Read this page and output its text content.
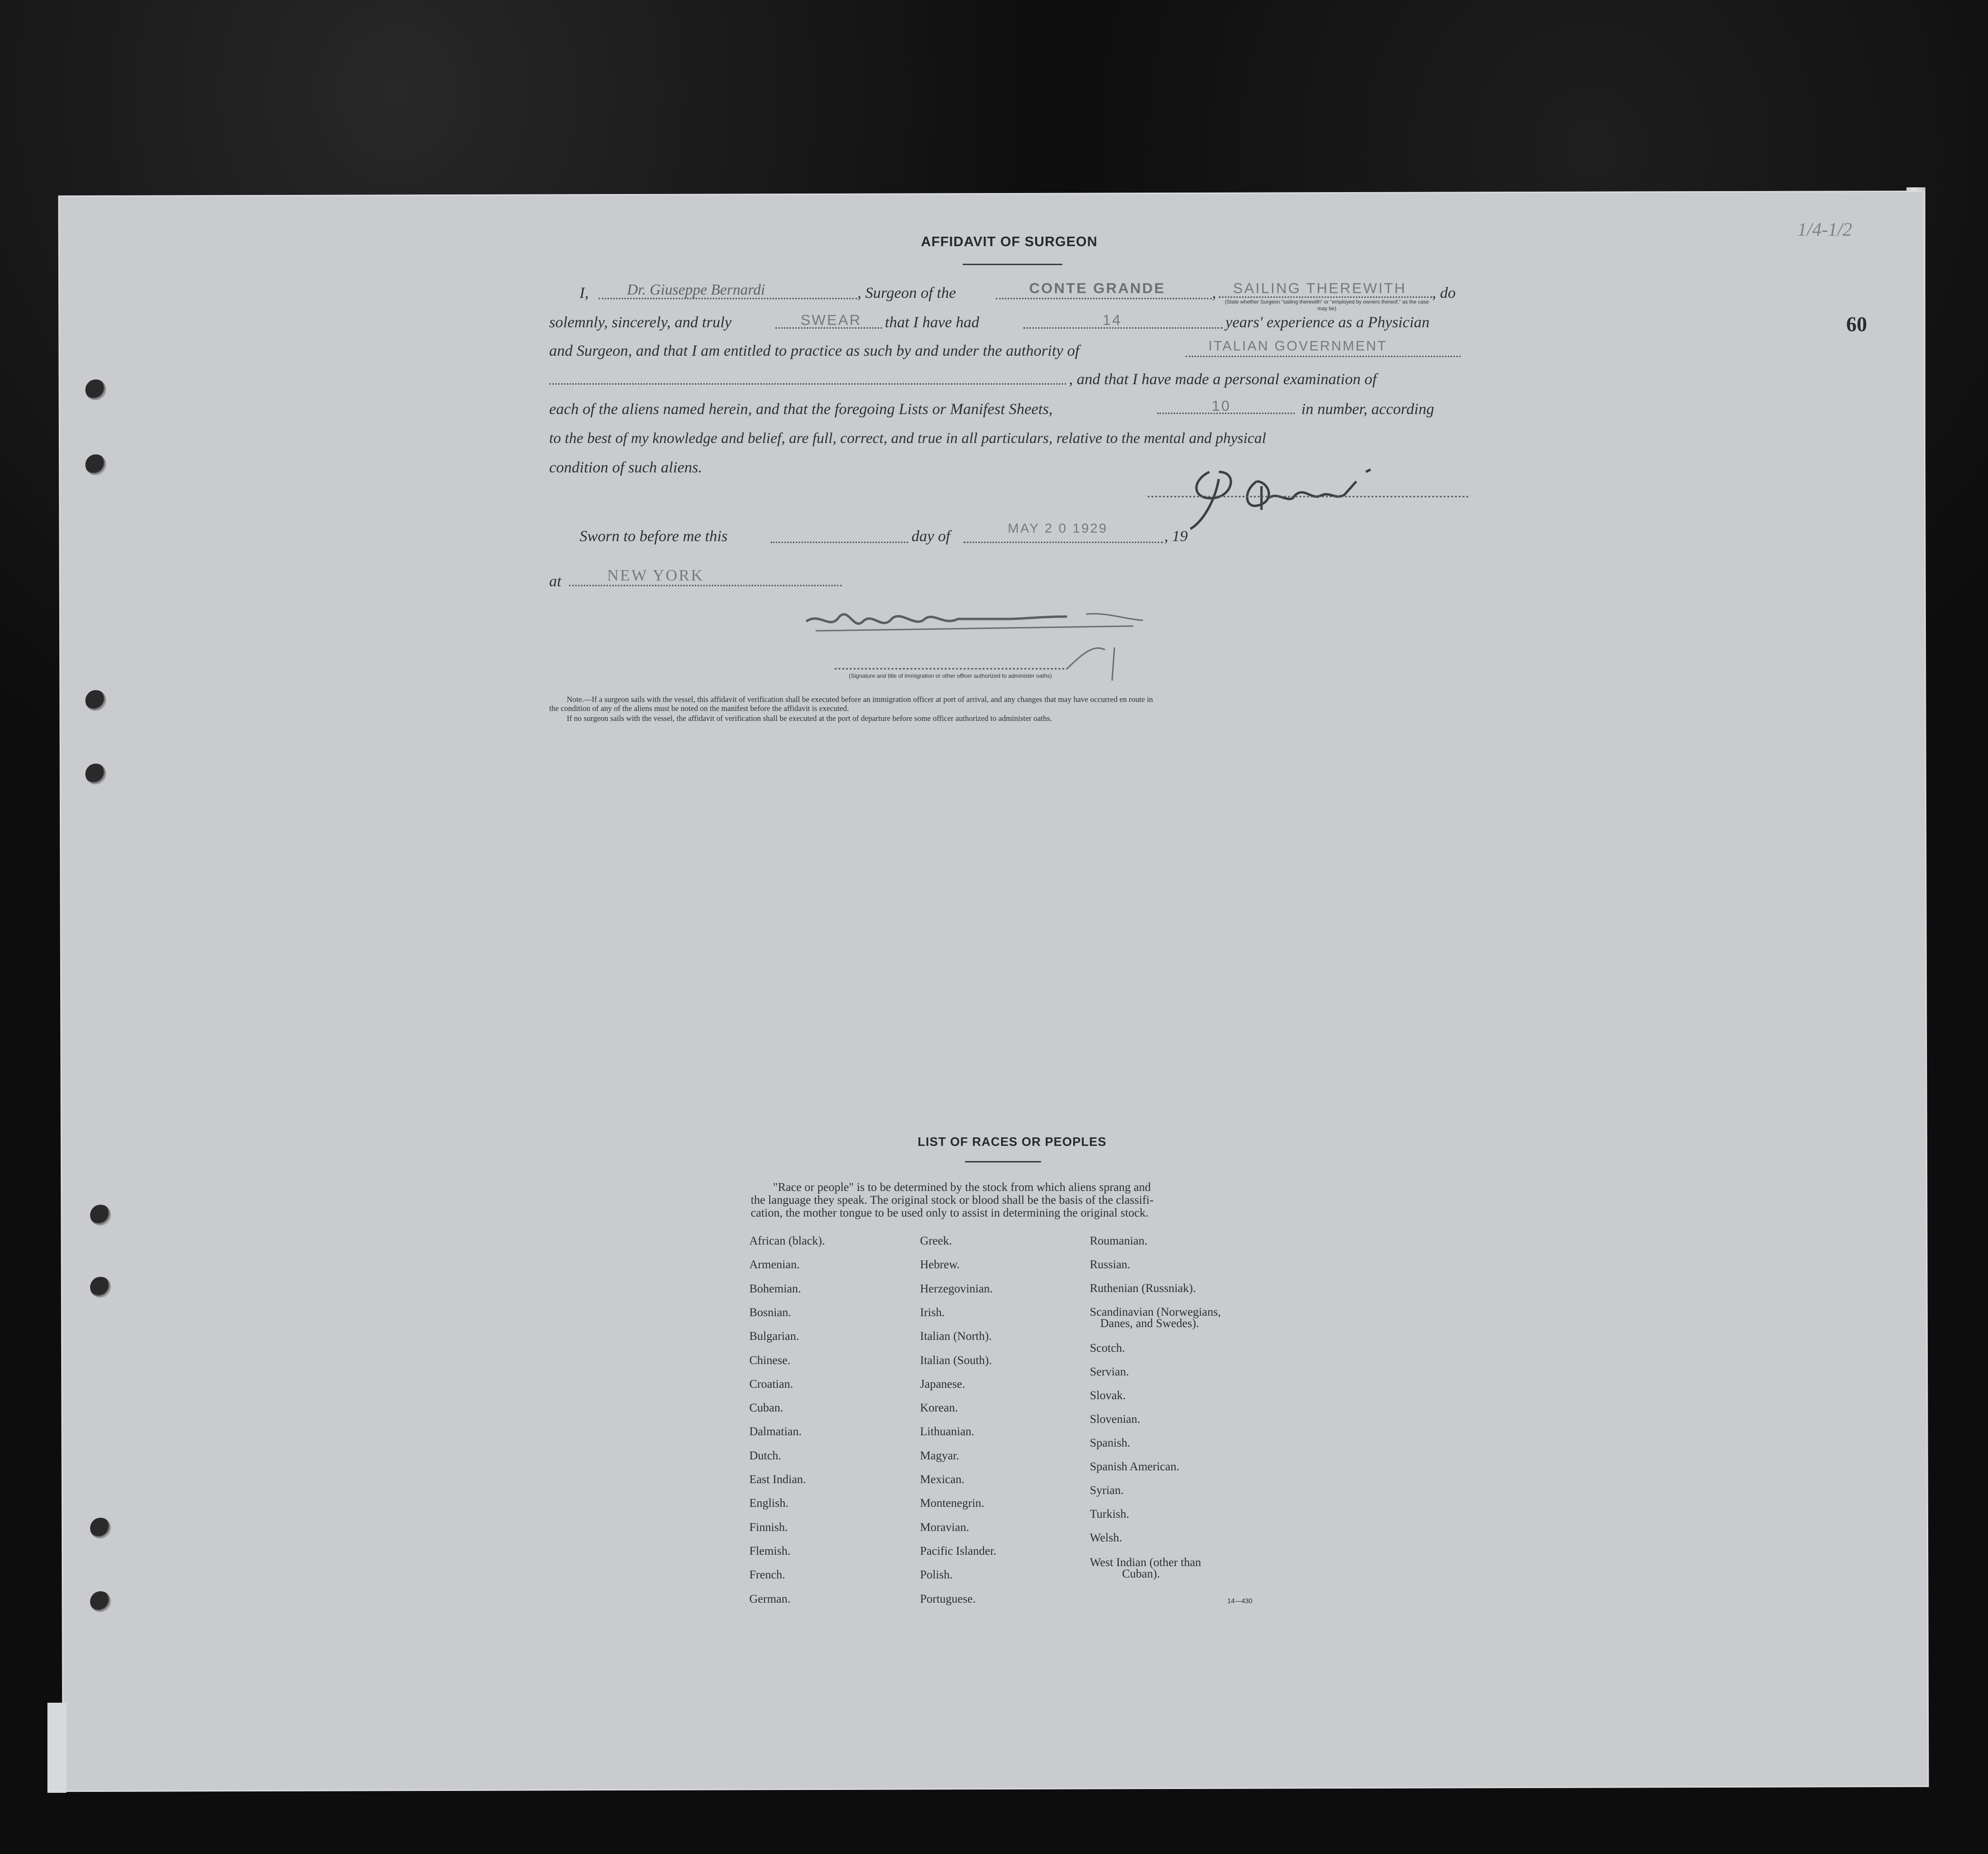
1/4-1/2
60
AFFIDAVIT OF SURGEON
I,	Dr. Giuseppe Bernardi	, Surgeon of the	CONTE GRANDE	, SAILING THEREWITH , do
(State whether Surgeon "sailing therewith" or "employed by owners thereof," as the case may be)
solemnly, sincerely, and truly	SWEAR that I have had	14	years' experience as a Physician
and Surgeon, and that I am entitled to practice as such by and under the authority of	ITALIAN GOVERNMENT
, and that I have made a personal examination of
each of the aliens named herein, and that the foregoing Lists or Manifest Sheets,	10	in number, according
to the best of my knowledge and belief, are full, correct, and true in all particulars, relative to the mental and physical
condition of such aliens.
Sworn to before me this	day of	MAY 2 0 1929	, 19
at	NEW YORK
(Signature and title of immigration or other officer authorized to administer oaths)
Note.—If a surgeon sails with the vessel, this affidavit of verification shall be executed before an immigration officer at port of arrival, and any changes that may have occurred en route in
the condition of any of the aliens must be noted on the manifest before the affidavit is executed.
If no surgeon sails with the vessel, the affidavit of verification shall be executed at the port of departure before some officer authorized to administer oaths.
LIST OF RACES OR PEOPLES
"Race or people" is to be determined by the stock from which aliens sprang and
the language they speak. The original stock or blood shall be the basis of the classifi-
cation, the mother tongue to be used only to assist in determining the original stock.
African (black).
Armenian.
Bohemian.
Bosnian.
Bulgarian.
Chinese.
Croatian.
Cuban.
Dalmatian.
Dutch.
East Indian.
English.
Finnish.
Flemish.
French.
German.
Greek.
Hebrew.
Herzegovinian.
Irish.
Italian (North).
Italian (South).
Japanese.
Korean.
Lithuanian.
Magyar.
Mexican.
Montenegrin.
Moravian.
Pacific Islander.
Polish.
Portuguese.
Roumanian.
Russian.
Ruthenian (Russniak).
Scandinavian (Norwegians,
Danes, and Swedes).
Scotch.
Servian.
Slovak.
Slovenian.
Spanish.
Spanish American.
Syrian.
Turkish.
Welsh.
West Indian (other than
Cuban).
14—430
